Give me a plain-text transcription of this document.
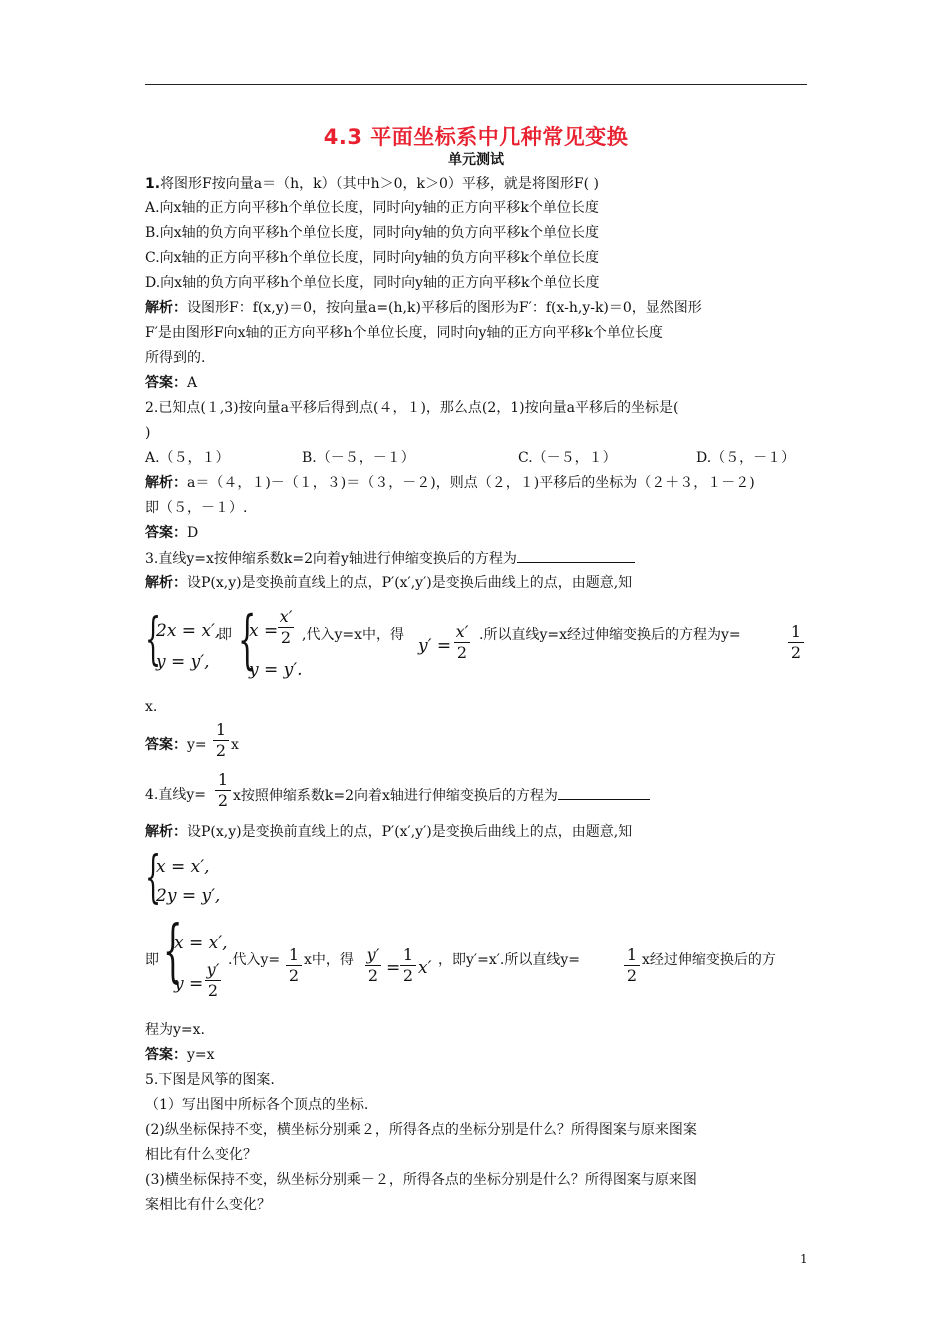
4.3 平面坐标系中几种常见变换
单元测试
1.将图形F按向量a＝（h，k）（其中h＞0，k＞0）平移，就是将图形F( )
A.向x轴的正方向平移h个单位长度，同时向y轴的正方向平移k个单位长度
B.向x轴的负方向平移h个单位长度，同时向y轴的负方向平移k个单位长度
C.向x轴的正方向平移h个单位长度，同时向y轴的负方向平移k个单位长度
D.向x轴的负方向平移h个单位长度，同时向y轴的正方向平移k个单位长度
解析：设图形F：f(x,y)＝0，按向量a=(h,k)平移后的图形为F′：f(x-h,y-k)＝0，显然图形
F′是由图形F向x轴的正方向平移h个单位长度，同时向y轴的正方向平移k个单位长度
所得到的.
答案：A
2.已知点(１,3)按向量a平移后得到点(４，１)，那么点(2，1)按向量a平移后的坐标是(
)
A.（５，１）	B.（－５，－１）	C.（－５，１）	D.（５，－１）
解析：a＝（４，１)－（１，３)＝（３，－２)，则点（２，１)平移后的坐标为（２＋３，１－２)
即（５，－１）.
答案：D
3.直线y=x按伸缩系数k=2向着y轴进行伸缩变换后的方程为
解析：设P(x,y)是变换前直线上的点，P′(x′,y′)是变换后曲线上的点，由题意,知
{
2x = x′,
y = y′,
即 {
x =
x′
2
y = y′.
,代入y=x中，得
y′ =
x′
2
.所以直线y=x经过伸缩变换后的方程为y=	1
2
x.
答案：y=
1
2 x
4.直线y=
1
2 x按照伸缩系数k=2向着x轴进行伸缩变换后的方程为
解析：设P(x,y)是变换前直线上的点，P′(x′,y′)是变换后曲线上的点，由题意,知
{
x = x′,
2y = y′,
即 {
x = x′,
y =
y′
2
.代入y= 1
2
x中，得 y′
2 =
1
2 x′ ，即y′=x′.所以直线y=	1
2
x经过伸缩变换后的方
程为y=x.
答案：y=x
5.下图是风筝的图案.
（1）写出图中所标各个顶点的坐标.
(2)纵坐标保持不变，横坐标分别乘２，所得各点的坐标分别是什么？所得图案与原来图案
相比有什么变化？
(3)横坐标保持不变，纵坐标分别乘－２，所得各点的坐标分别是什么？所得图案与原来图
案相比有什么变化？
1
